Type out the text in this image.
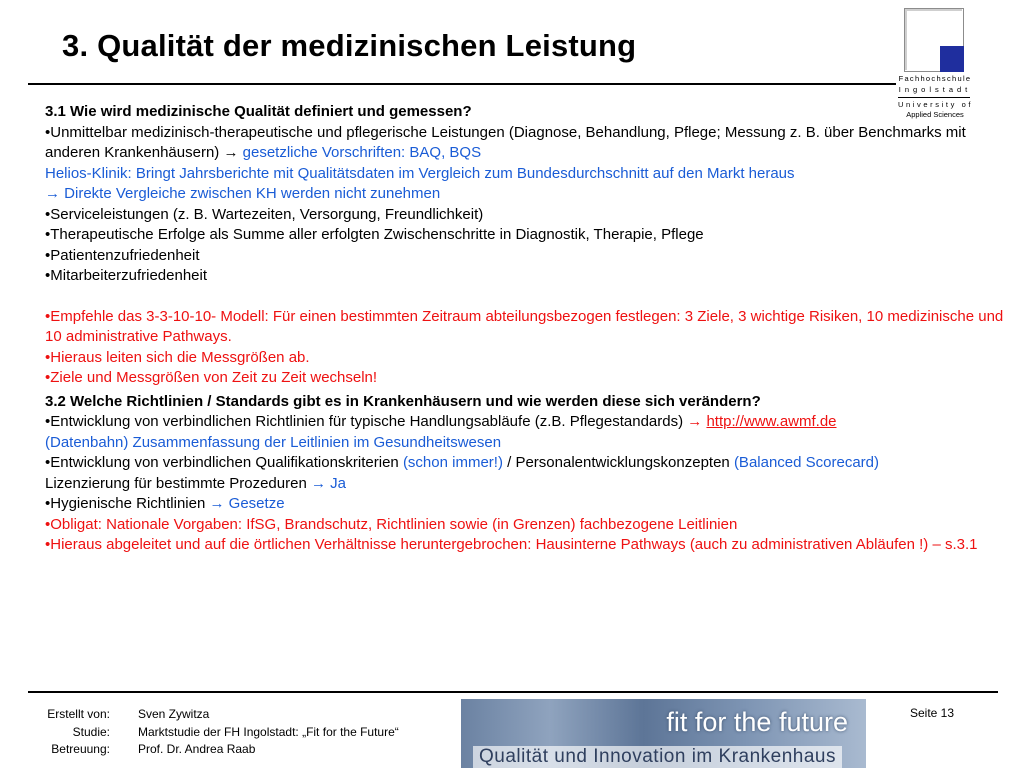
3. Qualität der medizinischen Leistung
Fachhochschule
Ingolstadt
University of
Applied Sciences

3.1 Wie wird medizinische Qualität definiert und gemessen?

•Unmittelbar medizinisch-therapeutische und pflegerische Leistungen (Diagnose, Behandlung, Pflege; Messung z. B. über Benchmarks mit anderen Krankenhäusern) → gesetzliche Vorschriften: BAQ, BQS

Helios-Klinik: Bringt Jahrsberichte mit Qualitätsdaten im Vergleich zum Bundesdurchschnitt auf den Markt heraus

→ Direkte Vergleiche zwischen KH werden nicht zunehmen

•Serviceleistungen (z. B. Wartezeiten, Versorgung, Freundlichkeit)

•Therapeutische Erfolge als Summe aller erfolgten Zwischenschritte in Diagnostik, Therapie, Pflege

•Patientenzufriedenheit

•Mitarbeiterzufriedenheit

•Empfehle das 3-3-10-10- Modell: Für einen bestimmten Zeitraum abteilungsbezogen festlegen: 3 Ziele, 3 wichtige Risiken, 10 medizinische und 10 administrative Pathways.

•Hieraus leiten sich die Messgrößen ab.

•Ziele und Messgrößen von Zeit zu Zeit wechseln!

3.2 Welche Richtlinien / Standards gibt es in Krankenhäusern und wie werden diese sich verändern?

•Entwicklung von verbindlichen Richtlinien für typische Handlungsabläufe (z.B. Pflegestandards) → http://www.awmf.de

(Datenbahn) Zusammenfassung der Leitlinien im Gesundheitswesen

•Entwicklung von verbindlichen Qualifikationskriterien (schon immer!) / Personalentwicklungskonzepten (Balanced Scorecard)

Lizenzierung für bestimmte Prozeduren → Ja

•Hygienische Richtlinien → Gesetze

•Obligat: Nationale Vorgaben: IfSG, Brandschutz, Richtlinien sowie (in Grenzen) fachbezogene Leitlinien

•Hieraus abgeleitet und auf die örtlichen Verhältnisse heruntergebrochen: Hausinterne Pathways (auch zu administrativen Abläufen !) – s.3.1

Erstellt von:	Sven Zywitza
Studie:	Marktstudie der FH Ingolstadt: „Fit for the Future“
Betreuung:	Prof. Dr. Andrea Raab
fit for the future
Qualität und Innovation im Krankenhaus
Seite 13
